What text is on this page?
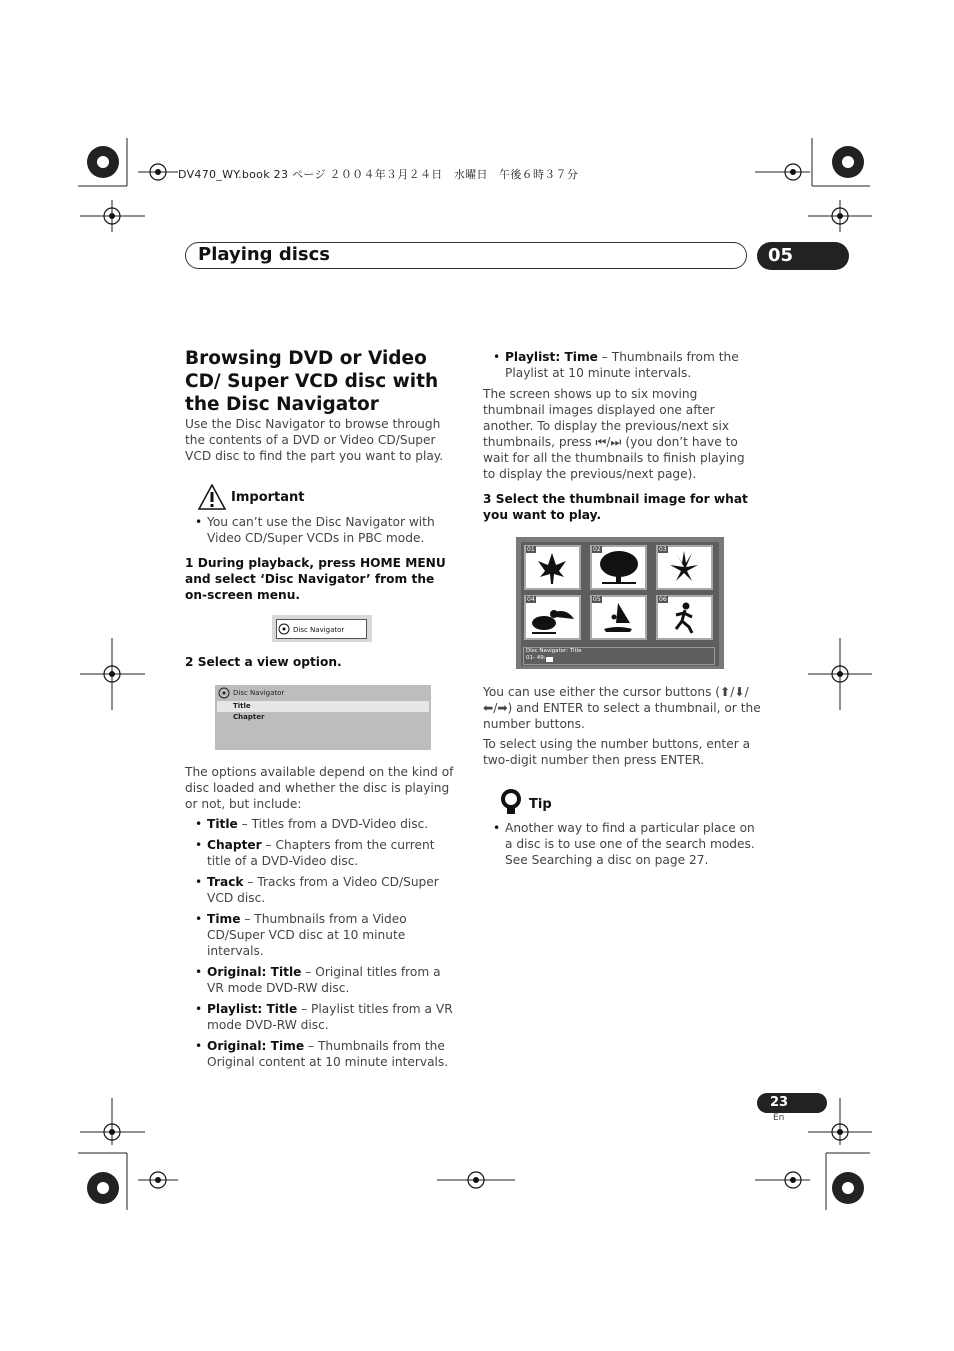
DV470_WY.book 23 ページ ２００４年３月２４日　水曜日　午後６時３７分
Playing discs	05
Browsing DVD or Video CD/ Super VCD disc with the Disc Navigator

Use the Disc Navigator to browse through the contents of a DVD or Video CD/Super VCD disc to find the part you want to play.

Important
• You can’t use the Disc Navigator with Video CD/Super VCDs in PBC mode.

1 During playback, press HOME MENU and select ‘Disc Navigator’ from the on-screen menu.

Disc Navigator

2 Select a view option.

Disc Navigator
Title
Chapter

The options available depend on the kind of disc loaded and whether the disc is playing or not, but include:

• Title – Titles from a DVD-Video disc.
• Chapter – Chapters from the current title of a DVD-Video disc.
• Track – Tracks from a Video CD/Super VCD disc.
• Time – Thumbnails from a Video CD/Super VCD disc at 10 minute intervals.
• Original: Title – Original titles from a VR mode DVD-RW disc.
• Playlist: Title – Playlist titles from a VR mode DVD-RW disc.
• Original: Time – Thumbnails from the Original content at 10 minute intervals.
• Playlist: Time – Thumbnails from the Playlist at 10 minute intervals.

The screen shows up to six moving thumbnail images displayed one after another. To display the previous/next six thumbnails, press ⏮/⏭ (you don’t have to wait for all the thumbnails to finish playing to display the previous/next page).

3 Select the thumbnail image for what you want to play.

01	02	03
04	05	06
Disc Navigator: Title
01- 49:

You can use either the cursor buttons (⬆/⬇/⬅/➡) and ENTER to select a thumbnail, or the number buttons.

To select using the number buttons, enter a two-digit number then press ENTER.

Tip
• Another way to find a particular place on a disc is to use one of the search modes. See Searching a disc on page 27.
23
En
